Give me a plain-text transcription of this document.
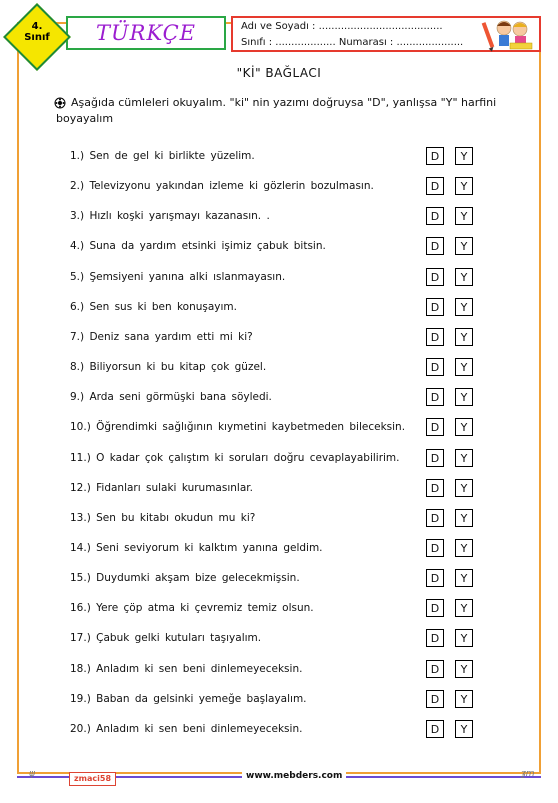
4.
Sınıf	TÜRKÇE	Adı ve Soyadı : .......................................
Sınıfı : ................... Numarası : .....................
"Kİ" BAĞLACI
Aşağıda cümleleri okuyalım. "ki" nin yazımı doğruysa "D", yanlışsa "Y" harfini boyayalım
1.) Sen de gel ki birlikte yüzelim.	D	Y
2.) Televizyonu yakından izleme ki gözlerin bozulmasın.	D	Y
3.) Hızlı koşki yarışmayı kazanasın. .	D	Y
4.) Suna da yardım etsinki işimiz çabuk bitsin.	D	Y
5.) Şemsiyeni yanına alki ıslanmayasın.	D	Y
6.) Sen sus ki ben konuşayım.	D	Y
7.) Deniz sana yardım etti mi ki?	D	Y
8.) Biliyorsun ki bu kitap çok güzel.	D	Y
9.) Arda seni görmüşki bana söyledi.	D	Y
10.) Öğrendimki sağlığının kıymetini kaybetmeden bileceksin.	D	Y
11.) O kadar çok çalıştım ki soruları doğru cevaplayabilirim.	D	Y
12.) Fidanları sulaki kurumasınlar.	D	Y
13.) Sen bu kitabı okudun mu ki?	D	Y
14.) Seni seviyorum ki kalktım yanına geldim.	D	Y
15.) Duydumki akşam bize gelecekmişsin.	D	Y
16.) Yere çöp atma ki çevremiz temiz olsun.	D	Y
17.) Çabuk gelki kutuları taşıyalım.	D	Y
18.) Anladım ki sen beni dinlemeyeceksin.	D	Y
19.) Baban da gelsinki yemeğe başlayalım.	D	Y
20.) Anladım ki sen beni dinlemeyeceksin.	D	Y
ψ	zmaci58	www.mebders.com	ƺm
